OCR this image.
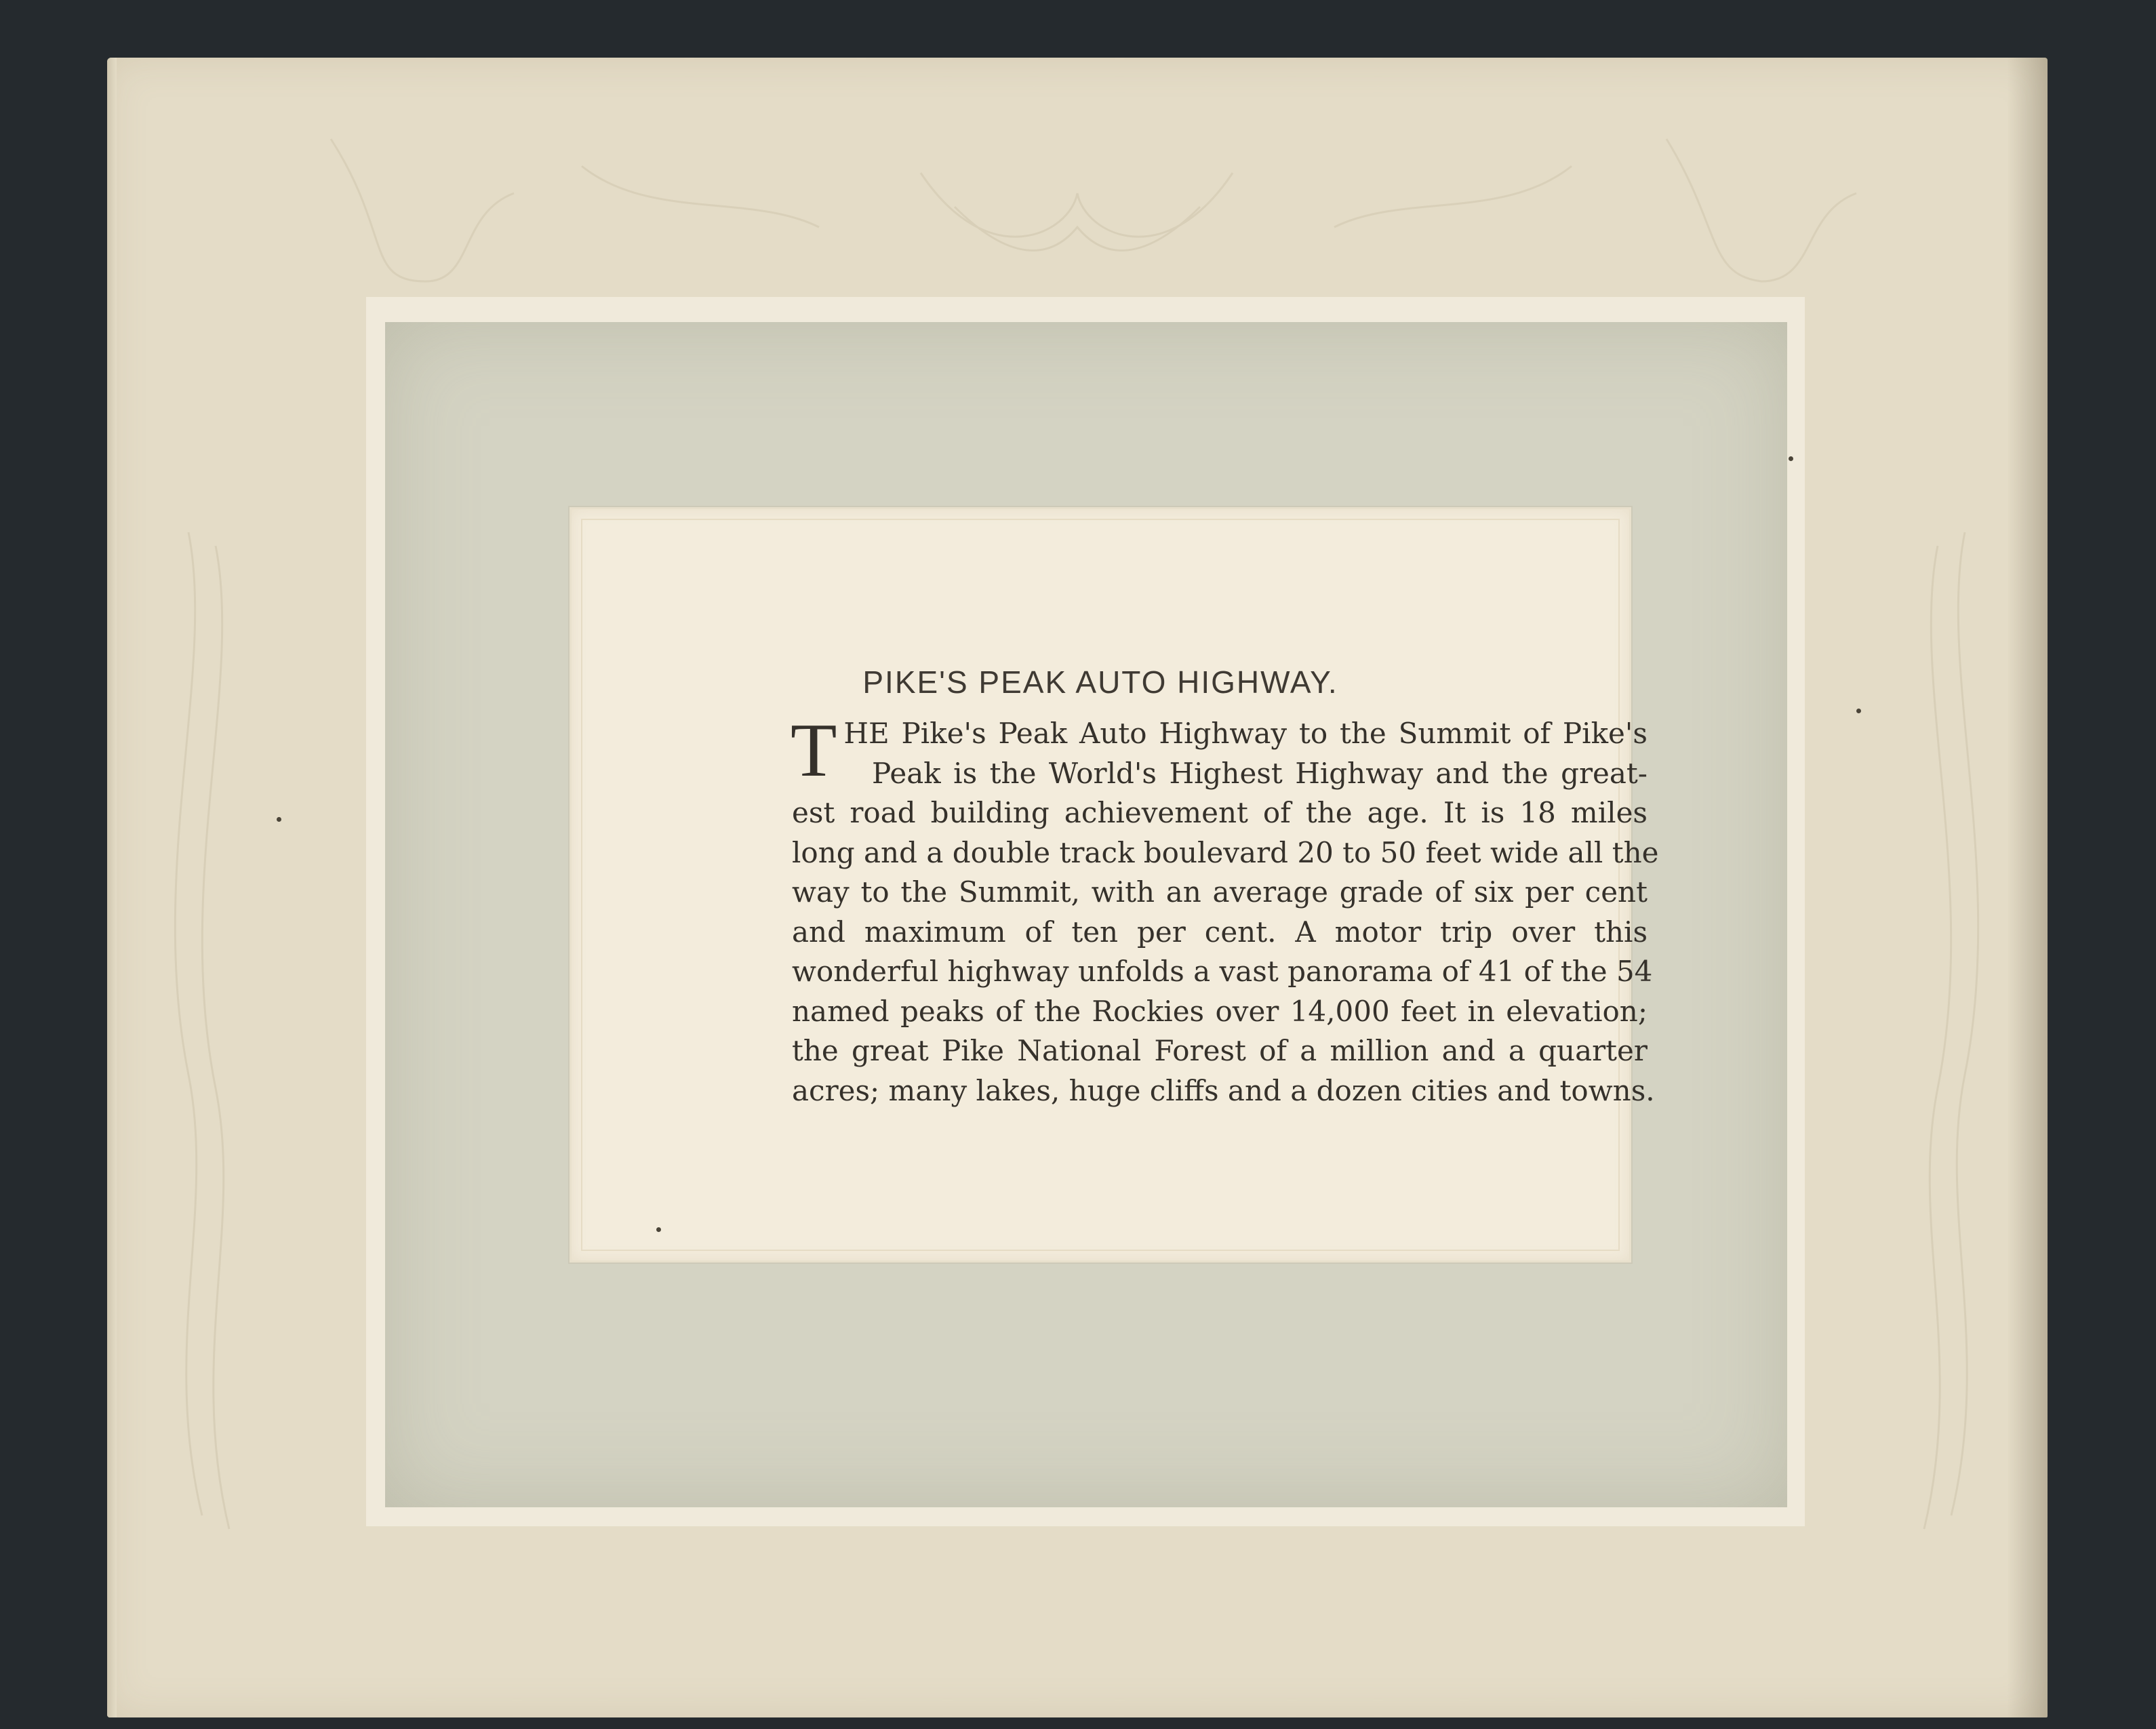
PIKE'S PEAK AUTO HIGHWAY.
T HE Pike's Peak Auto Highway to the Summit of Pike's
Peak is the World's Highest Highway and the great-
est road building achievement of the age. It is 18 miles
long and a double track boulevard 20 to 50 feet wide all the
way to the Summit, with an average grade of six per cent
and maximum of ten per cent. A motor trip over this
wonderful highway unfolds a vast panorama of 41 of the 54
named peaks of the Rockies over 14,000 feet in elevation;
the great Pike National Forest of a million and a quarter
acres; many lakes, huge cliffs and a dozen cities and towns.
